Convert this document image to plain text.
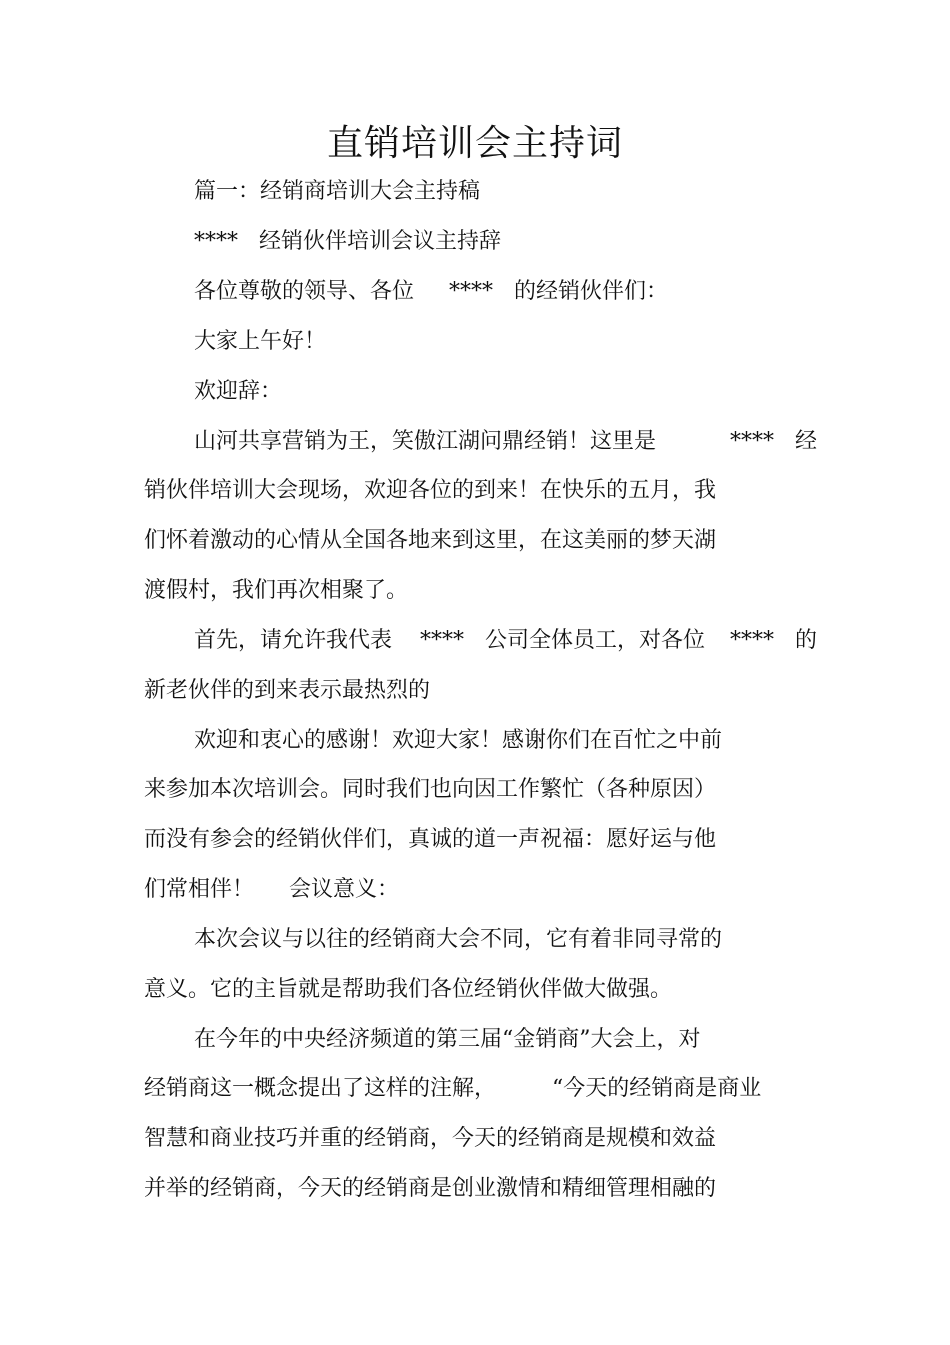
直销培训会主持词
篇一：经销商培训大会主持稿
****   经销伙伴培训会议主持辞
各位尊敬的领导、各位     ****   的经销伙伴们：
大家上午好！
欢迎辞：
山河共享营销为王，笑傲江湖问鼎经销！这里是	****   经
销伙伴培训大会现场，欢迎各位的到来！在快乐的五月，我
们怀着激动的心情从全国各地来到这里，在这美丽的梦天湖
渡假村，我们再次相聚了。
首先，请允许我代表    ****   公司全体员工，对各位 ****   的
新老伙伴的到来表示最热烈的
欢迎和衷心的感谢！欢迎大家！感谢你们在百忙之中前
来参加本次培训会。同时我们也向因工作繁忙（各种原因）
而没有参会的经销伙伴们，真诚的道一声祝福：愿好运与他
们常相伴！     会议意义：
本次会议与以往的经销商大会不同，它有着非同寻常的
意义。它的主旨就是帮助我们各位经销伙伴做大做强。
在今年的中央经济频道的第三届“金销商”大会上，对
经销商这一概念提出了这样的注解，	“今天的经销商是商业
智慧和商业技巧并重的经销商，今天的经销商是规模和效益
并举的经销商，今天的经销商是创业激情和精细管理相融的
